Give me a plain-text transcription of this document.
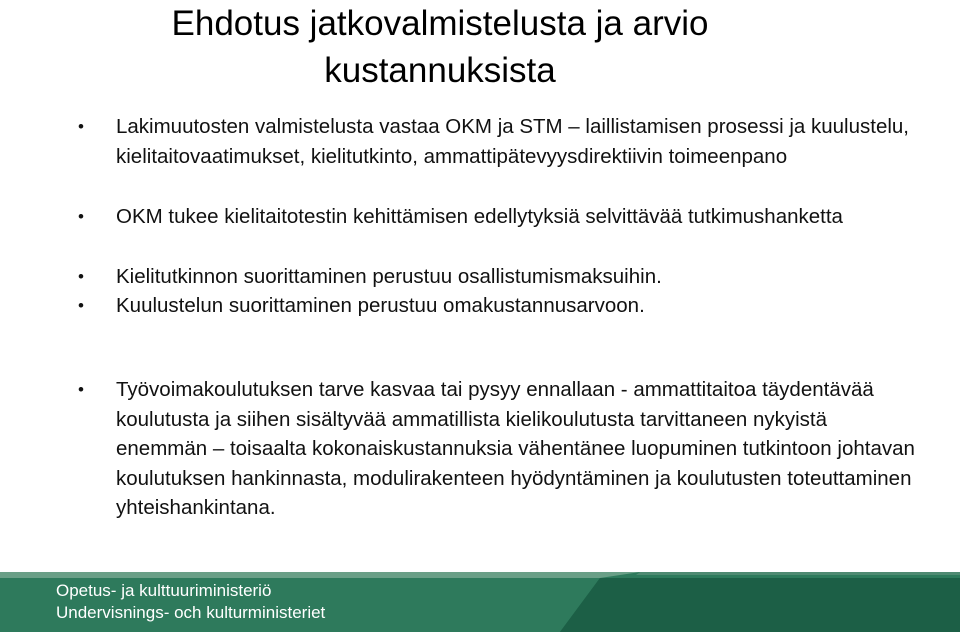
Ehdotus jatkovalmistelusta ja arvio kustannuksista
• Lakimuutosten valmistelusta vastaa OKM ja STM – laillistamisen prosessi ja kuulustelu, kielitaitovaatimukset, kielitutkinto, ammattipätevyysdirektiivin toimeenpano
• OKM tukee kielitaitotestin kehittämisen edellytyksiä selvittävää tutkimushanketta
• Kielitutkinnon suorittaminen perustuu osallistumismaksuihin.
• Kuulustelun suorittaminen perustuu omakustannusarvoon.
• Työvoimakoulutuksen tarve kasvaa tai pysyy ennallaan - ammattitaitoa täydentävää koulutusta ja siihen sisältyvää ammatillista kielikoulutusta tarvittaneen nykyistä enemmän – toisaalta kokonaiskustannuksia vähentänee luopuminen tutkintoon johtavan koulutuksen hankinnasta, modulirakenteen hyödyntäminen ja koulutusten toteuttaminen yhteishankintana.
Opetus- ja kulttuuriministeriö
Undervisnings- och kulturministeriet
